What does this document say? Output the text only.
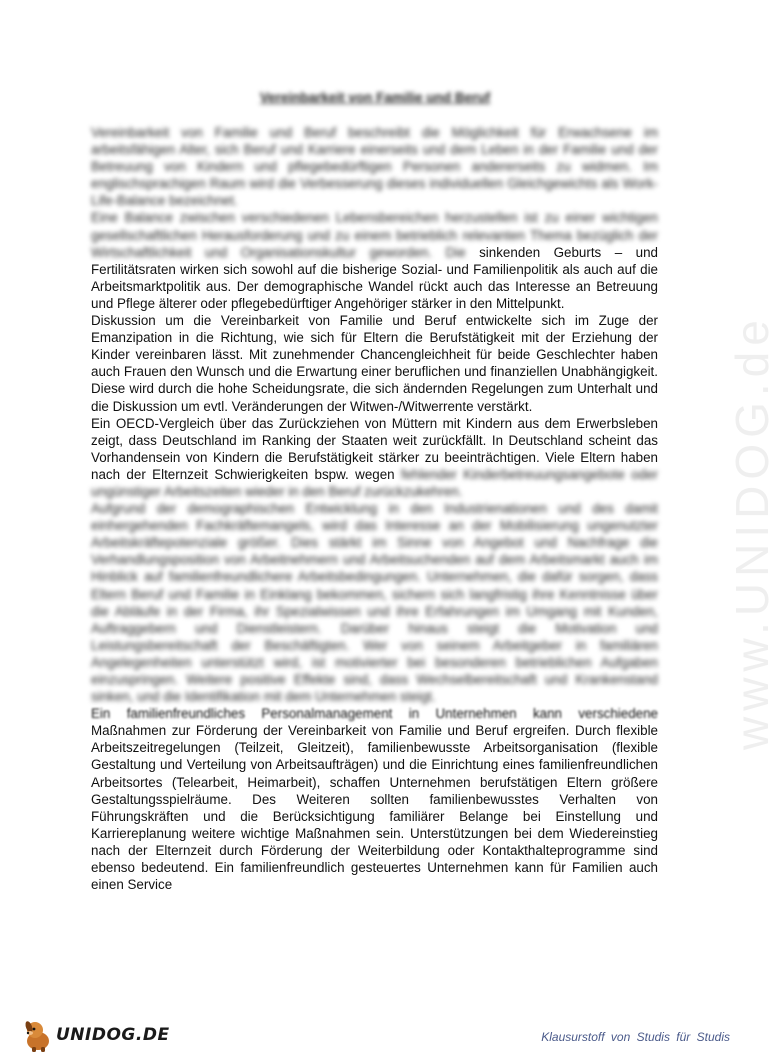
www.UNIDOG.de
Vereinbarkeit von Familie und Beruf

Vereinbarkeit von Familie und Beruf beschreibt die Möglichkeit für Erwachsene im arbeitsfähigen Alter, sich Beruf und Karriere einerseits und dem Leben in der Familie und der Betreuung von Kindern und pflegebedürftigen Personen andererseits zu widmen. Im englischsprachigen Raum wird die Verbesserung dieses individuellen Gleichgewichts als Work-Life-Balance bezeichnet.

Eine Balance zwischen verschiedenen Lebensbereichen herzustellen ist zu einer wichtigen gesellschaftlichen Herausforderung und zu einem betrieblich relevanten Thema bezüglich der Wirtschaftlichkeit und Organisationskultur geworden. Die sinkenden Geburts – und Fertilitätsraten wirken sich sowohl auf die bisherige Sozial- und Familienpolitik als auch auf die Arbeitsmarktpolitik aus. Der demographische Wandel rückt auch das Interesse an Betreuung und Pflege älterer oder pflegebedürftiger Angehöriger stärker in den Mittelpunkt.

Diskussion um die Vereinbarkeit von Familie und Beruf entwickelte sich im Zuge der Emanzipation in die Richtung, wie sich für Eltern die Berufstätigkeit mit der Erziehung der Kinder vereinbaren lässt. Mit zunehmender Chancengleichheit für beide Geschlechter haben auch Frauen den Wunsch und die Erwartung einer beruflichen und finanziellen Unabhängigkeit. Diese wird durch die hohe Scheidungsrate, die sich ändernden Regelungen zum Unterhalt und die Diskussion um evtl. Veränderungen der Witwen-/Witwerrente verstärkt.

Ein OECD-Vergleich über das Zurückziehen von Müttern mit Kindern aus dem Erwerbsleben zeigt, dass Deutschland im Ranking der Staaten weit zurückfällt. In Deutschland scheint das Vorhandensein von Kindern die Berufstätigkeit stärker zu beeinträchtigen. Viele Eltern haben nach der Elternzeit Schwierigkeiten bspw. wegen fehlender Kinderbetreuungsangebote oder ungünstiger Arbeitszeiten wieder in den Beruf zurückzukehren.

Aufgrund der demographischen Entwicklung in den Industrienationen und des damit einhergehenden Fachkräftemangels, wird das Interesse an der Mobilisierung ungenutzter Arbeitskräftepotenziale größer. Dies stärkt im Sinne von Angebot und Nachfrage die Verhandlungsposition von Arbeitnehmern und Arbeitsuchenden auf dem Arbeitsmarkt auch im Hinblick auf familienfreundlichere Arbeitsbedingungen. Unternehmen, die dafür sorgen, dass Eltern Beruf und Familie in Einklang bekommen, sichern sich langfristig ihre Kenntnisse über die Abläufe in der Firma, ihr Spezialwissen und ihre Erfahrungen im Umgang mit Kunden, Auftraggebern und Dienstleistern. Darüber hinaus steigt die Motivation und Leistungsbereitschaft der Beschäftigten. Wer von seinem Arbeitgeber in familiären Angelegenheiten unterstützt wird, ist motivierter bei besonderen betrieblichen Aufgaben einzuspringen. Weitere positive Effekte sind, dass Wechselbereitschaft und Krankenstand sinken, und die Identifikation mit dem Unternehmen steigt.

Ein familienfreundliches Personalmanagement in Unternehmen kann verschiedene Maßnahmen zur Förderung der Vereinbarkeit von Familie und Beruf ergreifen. Durch flexible Arbeitszeitregelungen (Teilzeit, Gleitzeit), familienbewusste Arbeitsorganisation (flexible Gestaltung und Verteilung von Arbeitsaufträgen) und die Einrichtung eines familienfreundlichen Arbeitsortes (Telearbeit, Heimarbeit), schaffen Unternehmen berufstätigen Eltern größere Gestaltungsspielräume. Des Weiteren sollten familienbewusstes Verhalten von Führungskräften und die Berücksichtigung familiärer Belange bei Einstellung und Karriereplanung weitere wichtige Maßnahmen sein. Unterstützungen bei dem Wiedereinstieg nach der Elternzeit durch Förderung der Weiterbildung oder Kontakthalteprogramme sind ebenso bedeutend. Ein familienfreundlich gesteuertes Unternehmen kann für Familien auch einen Service

UNIDOG.DE	Klausurstoff von Studis für Studis
